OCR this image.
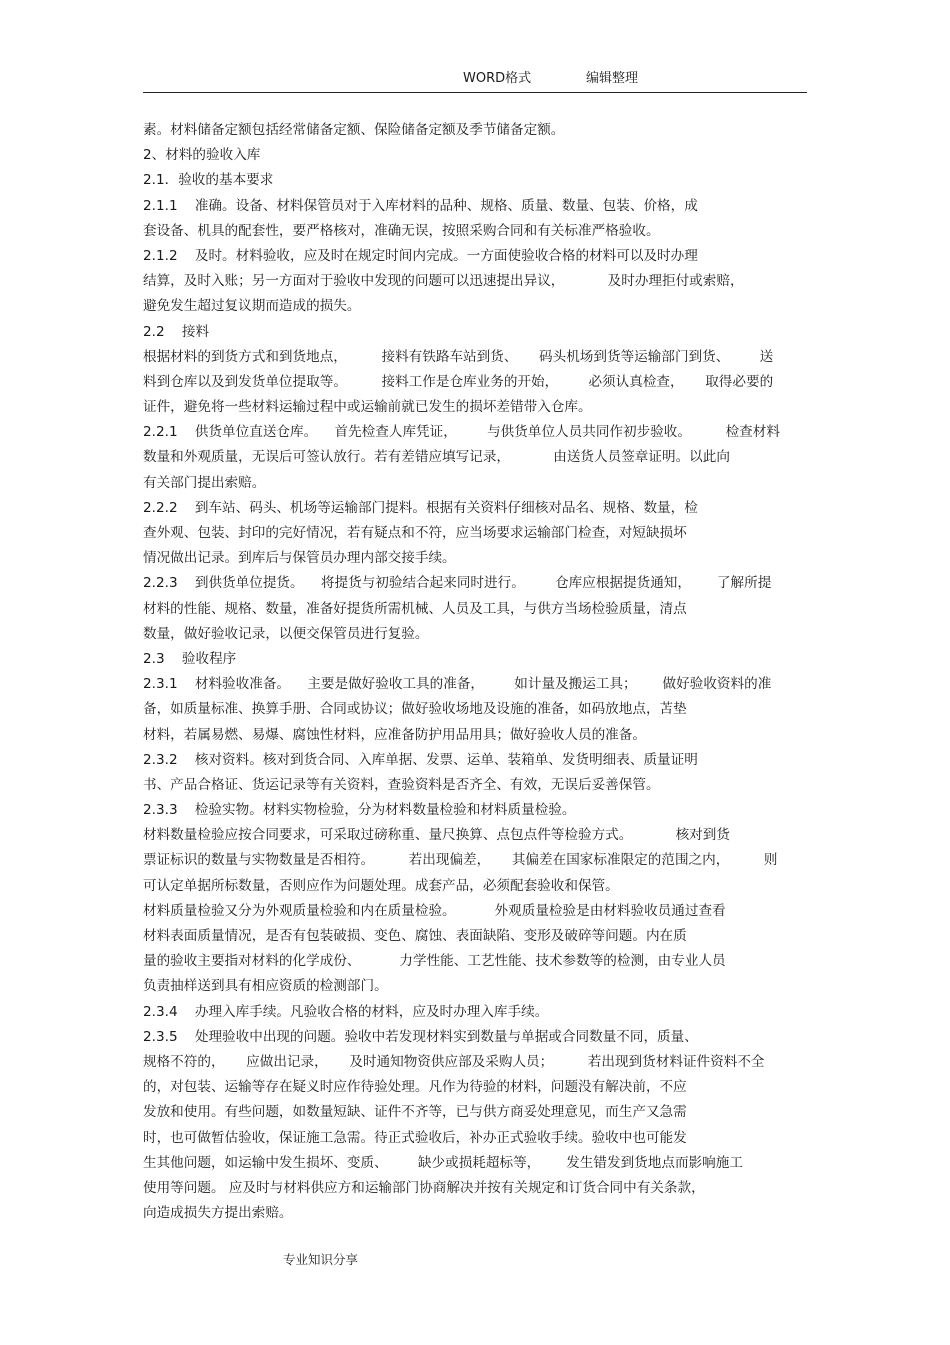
WORD格式	编辑整理
素。材料储备定额包括经常储备定额、保险储备定额及季节储备定额。
2、材料的验收入库
2.1．验收的基本要求
2.1.1    准确。设备、材料保管员对于入库材料的品种、规格、质量、数量、包装、价格，成
套设备、机具的配套性，要严格核对，准确无误，按照采购合同和有关标准严格验收。
2.1.2    及时。材料验收，应及时在规定时间内完成。一方面使验收合格的材料可以及时办理
结算，及时入账；另一方面对于验收中发现的问题可以迅速提出异议，          及时办理拒付或索赔，
避免发生超过复议期而造成的损失。
2.2    接料
根据材料的到货方式和到货地点，        接料有铁路车站到货、     码头机场到货等运输部门到货、       送
料到仓库以及到发货单位提取等。        接料工作是仓库业务的开始，       必须认真检查，     取得必要的
证件，避免将一些材料运输过程中或运输前就已发生的损坏差错带入仓库。
2.2.1    供货单位直送仓库。    首先检查人库凭证，       与供货单位人员共同作初步验收。        检查材料
数量和外观质量，无误后可签认放行。若有差错应填写记录，          由送货人员签章证明。以此向
有关部门提出索赔。
2.2.2    到车站、码头、机场等运输部门提料。根据有关资料仔细核对品名、规格、数量，检
查外观、包装、封印的完好情况，若有疑点和不符，应当场要求运输部门检查，对短缺损坏
情况做出记录。到库后与保管员办理内部交接手续。
2.2.3    到供货单位提货。    将提货与初验结合起来同时进行。       仓库应根据提货通知，      了解所提
材料的性能、规格、数量，准备好提货所需机械、人员及工具，与供方当场检验质量，清点
数量，做好验收记录，以便交保管员进行复验。
2.3    验收程序
2.3.1    材料验收准备。    主要是做好验收工具的准备，       如计量及搬运工具；      做好验收资料的准
备，如质量标准、换算手册、合同或协议；做好验收场地及设施的准备，如码放地点，苫垫
材料，若属易燃、易爆、腐蚀性材料，应准备防护用品用具；做好验收人员的准备。
2.3.2    核对资料。核对到货合同、入库单据、发票、运单、装箱单、发货明细表、质量证明
书、产品合格证、货运记录等有关资料，查验资料是否齐全、有效，无误后妥善保管。
2.3.3    检验实物。材料实物检验，分为材料数量检验和材料质量检验。
材料数量检验应按合同要求，可采取过磅称重、量尺换算、点包点件等检验方式。          核对到货
票证标识的数量与实物数量是否相符。        若出现偏差，     其偏差在国家标准限定的范围之内，        则
可认定单据所标数量，否则应作为问题处理。成套产品，必须配套验收和保管。
材料质量检验又分为外观质量检验和内在质量检验。         外观质量检验是由材料验收员通过查看
材料表面质量情况，是否有包装破损、变色、腐蚀、表面缺陷、变形及破碎等问题。内在质
量的验收主要指对材料的化学成份、         力学性能、工艺性能、技术参数等的检测，由专业人员
负责抽样送到具有相应资质的检测部门。
2.3.4    办理入库手续。凡验收合格的材料，应及时办理入库手续。
2.3.5    处理验收中出现的问题。验收中若发现材料实到数量与单据或合同数量不同，质量、
规格不符的，     应做出记录，     及时通知物资供应部及采购人员；        若出现到货材料证件资料不全
的，对包装、运输等存在疑义时应作待验处理。凡作为待验的材料，问题没有解决前，不应
发放和使用。有些问题，如数量短缺、证件不齐等，已与供方商妥处理意见，而生产又急需
时，也可做暂估验收，保证施工急需。待正式验收后，补办正式验收手续。验收中也可能发
生其他问题，如运输中发生损坏、变质、       缺少或损耗超标等，      发生错发到货地点而影响施工
使用等问题。 应及时与材料供应方和运输部门协商解决并按有关规定和订货合同中有关条款，
向造成损失方提出索赔。
专业知识分享
